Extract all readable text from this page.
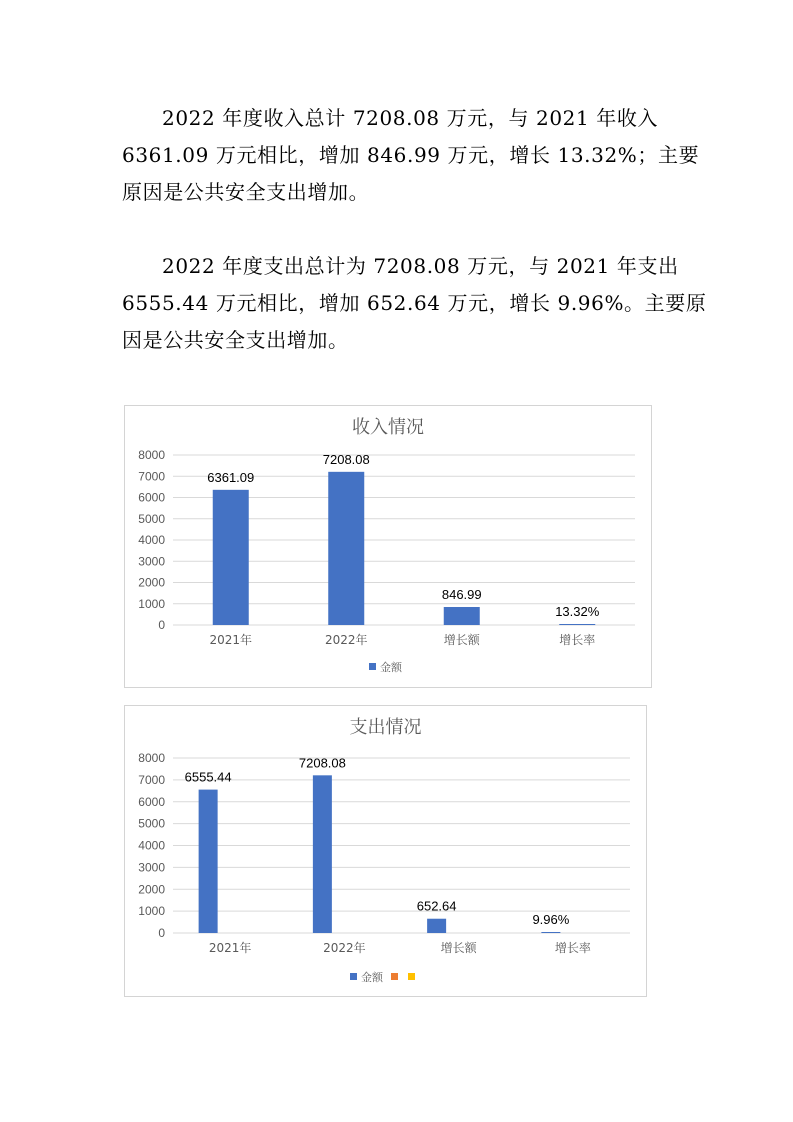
2022 年度收入总计 7208.08 万元，与 2021 年收入
6361.09 万元相比，增加 846.99 万元，增长 13.32%；主要
原因是公共安全支出增加。
2022 年度支出总计为 7208.08 万元，与 2021 年支出
6555.44 万元相比，增加 652.64 万元，增长 9.96%。主要原
因是公共安全支出增加。
收入情况
0
1000
2000
3000
4000
5000
6000
7000
8000
6361.09
2021年
7208.08
2022年
846.99
增长额
13.32%
增长率
金额
支出情况
0
1000
2000
3000
4000
5000
6000
7000
8000
6555.44
2021年
7208.08
2022年
652.64
增长额
9.96%
增长率
金额
